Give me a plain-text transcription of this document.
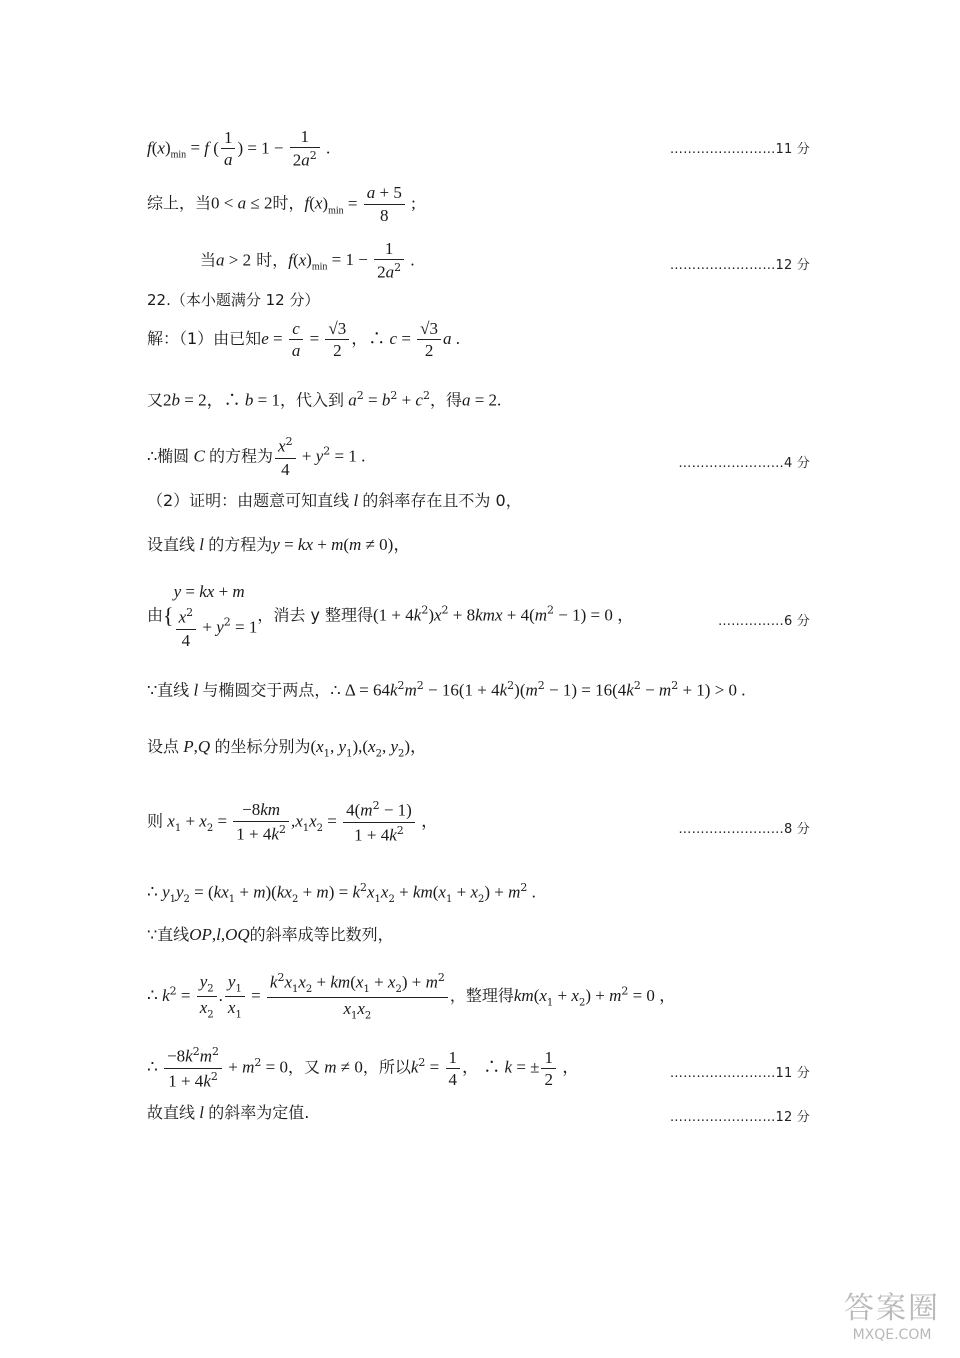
$f(x)_{min} = f$ ( $\frac{1}{a}$ ) = $1 - \frac{1}{2a^2}$ .	……………………11 分
综上，当0 < a ≤ 2时，$f(x)_{min} = \frac{a + 5}{8}$ ;
当a > 2 时，$f(x)_{min} = 1 - \frac{1}{2a^2}$ .	……………………12 分
22.（本小题满分 12 分）
解：（1）由已知$e = \frac{c}{a} = \frac{√3}{2}$ ，∴ $c = \frac{√3}{2}$ a .
又2b = 2，∴ b = 1，代入到 $a^2 = b^2 + c^2$，得a = 2.
∴椭圆 C 的方程为 $\frac{x^2}{4} + y^2 = 1$ .	……………………4 分
（2）证明：由题意可知直线 l 的斜率存在且不为 0，
设直线 l 的方程为y = kx + m(m ≠ 0)，
由{
y = kx + m
$\frac{x^2}{4} + y^2 = 1$
，消去 y 整理得$(1 + 4k^2)x^2 + 8kmx + 4(m^2 - 1) = 0$ ，	……………6 分
∵直线 l 与椭圆交于两点，∴ $\Delta = 64k^2m^2 - 16(1 + 4k^2)(m^2 - 1) = 16(4k^2 - m^2 + 1) > 0$ .
设点 P,Q 的坐标分别为($x_1$, $y_1),(x_2$, $y_2$)，
则 $x_1 + x_2 = \frac{-8km}{1 + 4k^2} ,x_1x_2 = \frac{4(m^2 - 1)}{1 + 4k^2}$ ，	……………………8 分
∴ $y_1y_2 = (kx_1 + m)(kx_2 + m) = k^2x_1x_2 + km(x_1 + x_2) + m^2$ .
∵直线OP,l,OQ的斜率成等比数列，
∴ $k^2 = \frac{y_2}{x_2}$ . $\frac{y_1}{x_1} = \frac{k^2x_1x_2 + km(x_1 + x_2) + m^2}{x_1x_2}$ ，整理得$km(x_1 + x_2) + m^2 = 0$ ，
∴ $\frac{-8k^2m^2}{1 + 4k^2} + m^2 = 0$，又 m ≠ 0，所以$k^2 = \frac{1}{4}$ ， ∴ k = ± $\frac{1}{2}$ ，	……………………11 分
故直线 l 的斜率为定值.	……………………12 分
答案圈
MXQE.COM
